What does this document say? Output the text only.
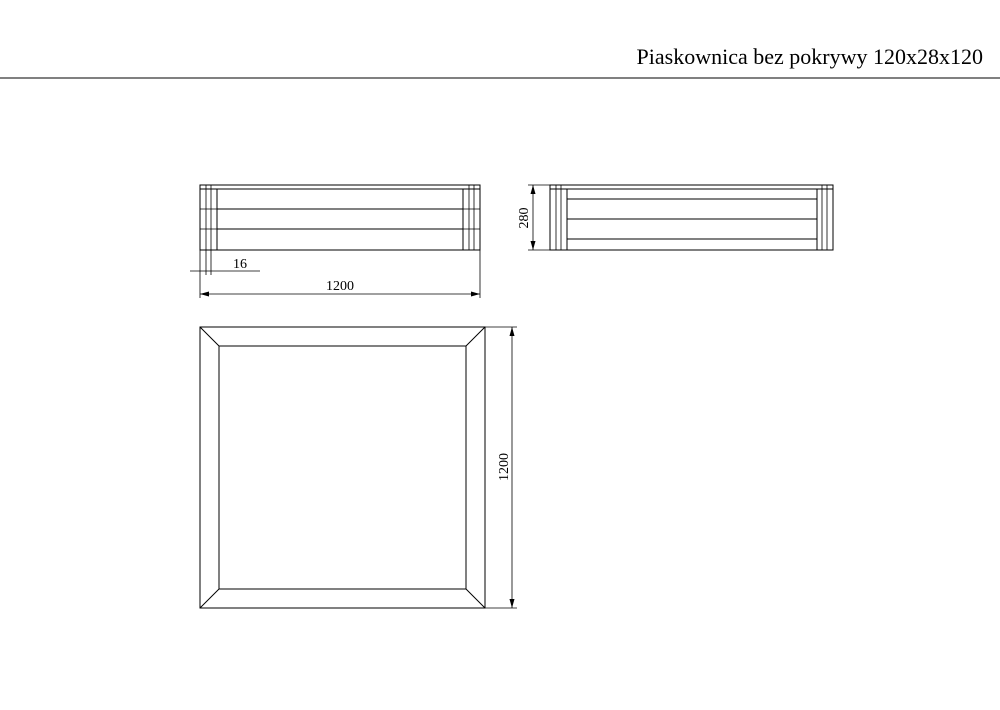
Piaskownica bez pokrywy 120x28x120
16
1200
280
1200
